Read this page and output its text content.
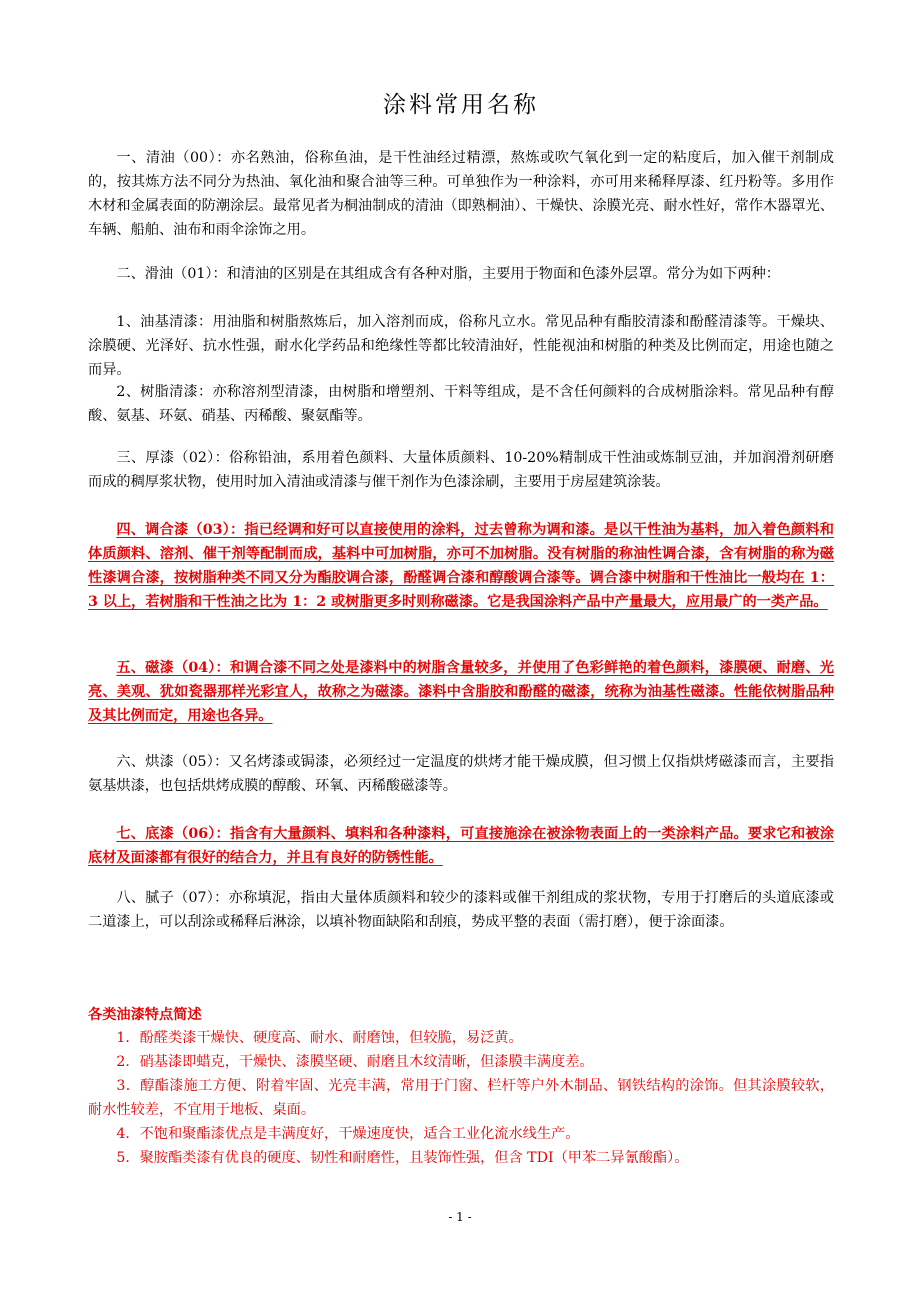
涂料常用名称

一、清油（00）：亦名熟油，俗称鱼油，是干性油经过精漂，熬炼或吹气氧化到一定的粘度后，加入催干剂制成的，按其炼方法不同分为热油、氧化油和聚合油等三种。可单独作为一种涂料，亦可用来稀释厚漆、红丹粉等。多用作木材和金属表面的防潮涂层。最常见者为桐油制成的清油（即熟桐油）、干燥快、涂膜光亮、耐水性好，常作木器罩光、车辆、船舶、油布和雨伞涂饰之用。

二、滑油（01）：和清油的区别是在其组成含有各种对脂，主要用于物面和色漆外层罩。常分为如下两种：

1、油基清漆：用油脂和树脂熬炼后，加入溶剂而成，俗称凡立水。常见品种有酯胶清漆和酚醛清漆等。干燥块、涂膜硬、光泽好、抗水性强，耐水化学药品和绝缘性等都比较清油好，性能视油和树脂的种类及比例而定，用途也随之而异。

2、树脂清漆：亦称溶剂型清漆，由树脂和增塑剂、干料等组成，是不含任何颜料的合成树脂涂料。常见品种有醇酸、氨基、环氨、硝基、丙稀酸、聚氨酯等。

三、厚漆（02）：俗称铅油，系用着色颜料、大量体质颜料、10-20%精制成干性油或炼制豆油，并加润滑剂研磨而成的稠厚浆状物，使用时加入清油或清漆与催干剂作为色漆涂刷，主要用于房屋建筑涂装。

四、调合漆（03）：指已经调和好可以直接使用的涂料，过去曾称为调和漆。是以干性油为基料，加入着色颜料和体质颜料、溶剂、催干剂等配制而成，基料中可加树脂，亦可不加树脂。没有树脂的称油性调合漆，含有树脂的称为磁性漆调合漆，按树脂种类不同又分为酯胶调合漆，酚醛调合漆和醇酸调合漆等。调合漆中树脂和干性油比一般均在 1：3 以上，若树脂和干性油之比为 1：2 或树脂更多时则称磁漆。它是我国涂料产品中产量最大，应用最广的一类产品。

五、磁漆（04）：和调合漆不同之处是漆料中的树脂含量较多，并使用了色彩鲜艳的着色颜料，漆膜硬、耐磨、光亮、美观、犹如瓷器那样光彩宜人，故称之为磁漆。漆料中含脂胶和酚醛的磁漆，统称为油基性磁漆。性能依树脂品种及其比例而定，用途也各异。

六、烘漆（05）：又名烤漆或锔漆，必须经过一定温度的烘烤才能干燥成膜，但习惯上仅指烘烤磁漆而言，主要指氨基烘漆，也包括烘烤成膜的醇酸、环氧、丙稀酸磁漆等。

七、底漆（06）：指含有大量颜料、填料和各种漆料，可直接施涂在被涂物表面上的一类涂料产品。要求它和被涂底材及面漆都有很好的结合力，并且有良好的防锈性能。

八、腻子（07）：亦称填泥，指由大量体质颜料和较少的漆料或催干剂组成的浆状物，专用于打磨后的头道底漆或二道漆上，可以刮涂或稀释后淋涂，以填补物面缺陷和刮痕，势成平整的表面（需打磨），便于涂面漆。

各类油漆特点简述
1．酚醛类漆干燥快、硬度高、耐水、耐磨蚀，但较脆，易泛黄。
2．硝基漆即蜡克，干燥快、漆膜坚硬、耐磨且木纹清晰，但漆膜丰满度差。
3．醇酯漆施工方便、附着牢固、光亮丰满，常用于门窗、栏杆等户外木制品、钢铁结构的涂饰。但其涂膜较软，耐水性较差，不宜用于地板、桌面。
4．不饱和聚酯漆优点是丰满度好，干燥速度快，适合工业化流水线生产。
5．聚胺酯类漆有优良的硬度、韧性和耐磨性，且装饰性强，但含 TDI（甲苯二异氰酸酯）。
- 1 -
